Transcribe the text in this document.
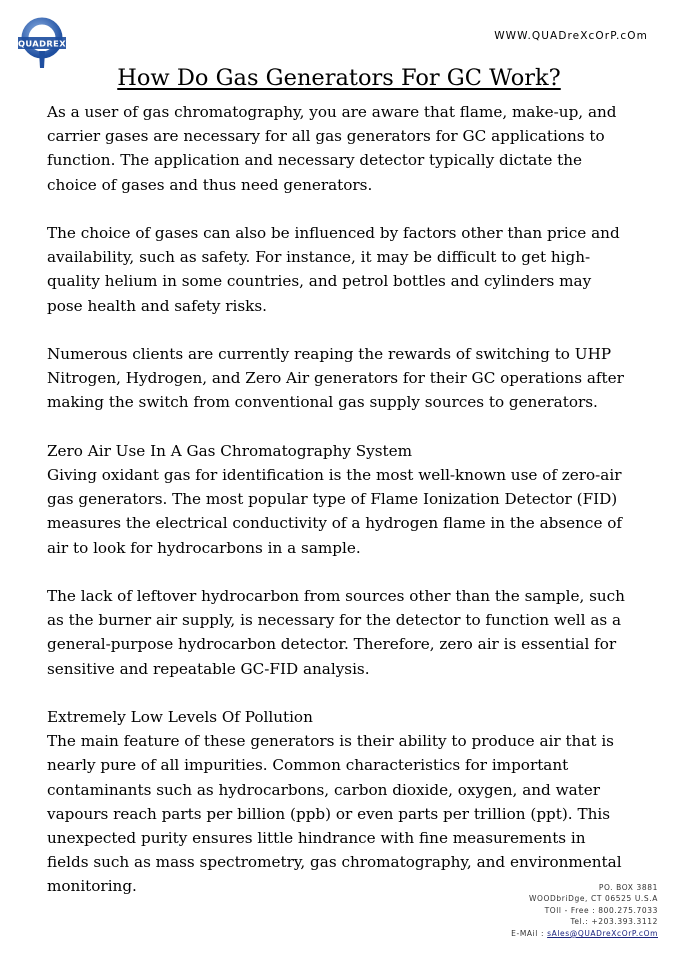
QUADREX
WWW.QUADreXcOrP.cOm
How Do Gas Generators For GC Work?

As a user of gas chromatography, you are aware that flame, make-up, and carrier gases are necessary for all gas generators for GC applications to function. The application and necessary detector typically dictate the choice of gases and thus need generators.

The choice of gases can also be influenced by factors other than price and availability, such as safety. For instance, it may be difficult to get high-quality helium in some countries, and petrol bottles and cylinders may pose health and safety risks.

Numerous clients are currently reaping the rewards of switching to UHP Nitrogen, Hydrogen, and Zero Air generators for their GC operations after making the switch from conventional gas supply sources to generators.

Zero Air Use In A Gas Chromatography System

Giving oxidant gas for identification is the most well-known use of zero-air gas generators. The most popular type of Flame Ionization Detector (FID) measures the electrical conductivity of a hydrogen flame in the absence of air to look for hydrocarbons in a sample.

The lack of leftover hydrocarbon from sources other than the sample, such as the burner air supply, is necessary for the detector to function well as a general-purpose hydrocarbon detector. Therefore, zero air is essential for sensitive and repeatable GC-FID analysis.

Extremely Low Levels Of Pollution

The main feature of these generators is their ability to produce air that is nearly pure of all impurities. Common characteristics for important contaminants such as hydrocarbons, carbon dioxide, oxygen, and water vapours reach parts per billion (ppb) or even parts per trillion (ppt). This unexpected purity ensures little hindrance with fine measurements in fields such as mass spectrometry, gas chromatography, and environmental monitoring.	PO. BOX 3881
WOODbriDge, CT 06525 U.S.A
TOll - Free : 800.275.7033
Tel.: +203.393.3112
E-MAil : sAles@QUADreXcOrP.cOm
